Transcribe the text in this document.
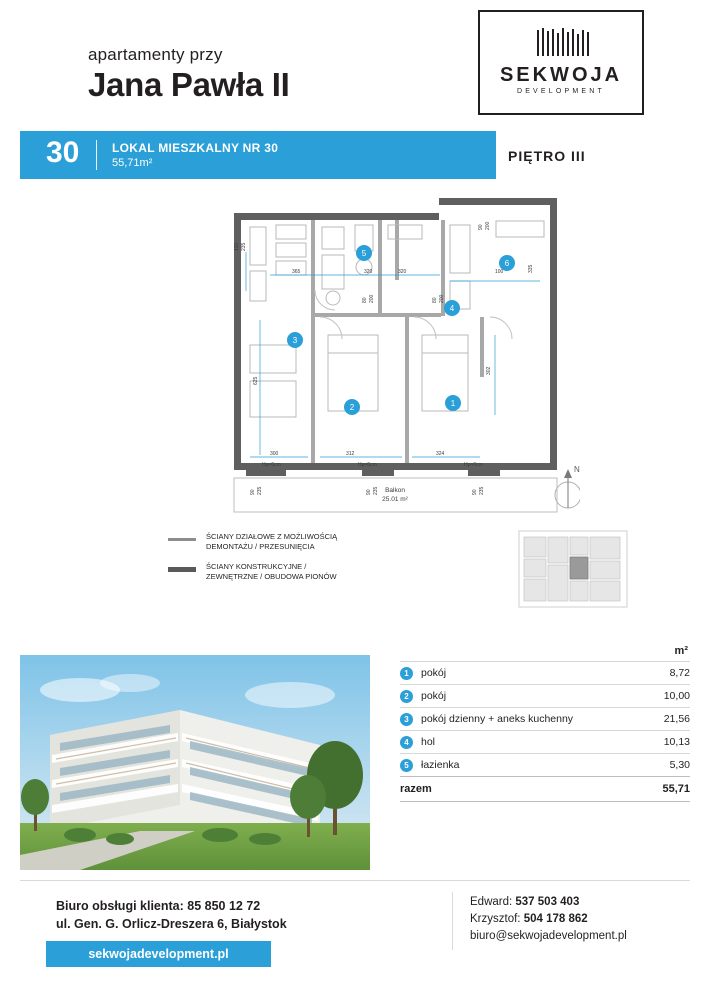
apartamenty przy
Jana Pawła II	SEKWOJA
DEVELOPMENT
30	LOKAL MIESZKALNY NR 30
55,71m²	PIĘTRO III
120 235
365	320	320	100	335
90 200
625
80 200	80 200
302
300	312	324
Hp=0cm	Hp=0cm	Hp=0cm
90 235	90 235	90 235
3
2	1
4
6
5
Balkon
25.01 m²
N
ŚCIANY DZIAŁOWE Z MOŻLIWOŚCIĄ
DEMONTAŻU / PRZESUNIĘCIA
ŚCIANY KONSTRUKCYJNE /
ZEWNĘTRZNE / OBUDOWA PIONÓW
m²
1	pokój	8,72
2	pokój	10,00
3	pokój dzienny + aneks kuchenny	21,56
4	hol	10,13
5	łazienka	5,30
razem	55,71
Biuro obsługi klienta: 85 850 12 72
ul. Gen. G. Orlicz-Dreszera 6, Białystok
Edward: 537 503 403
Krzysztof: 504 178 862
biuro@sekwojadevelopment.pl
sekwojadevelopment.pl
